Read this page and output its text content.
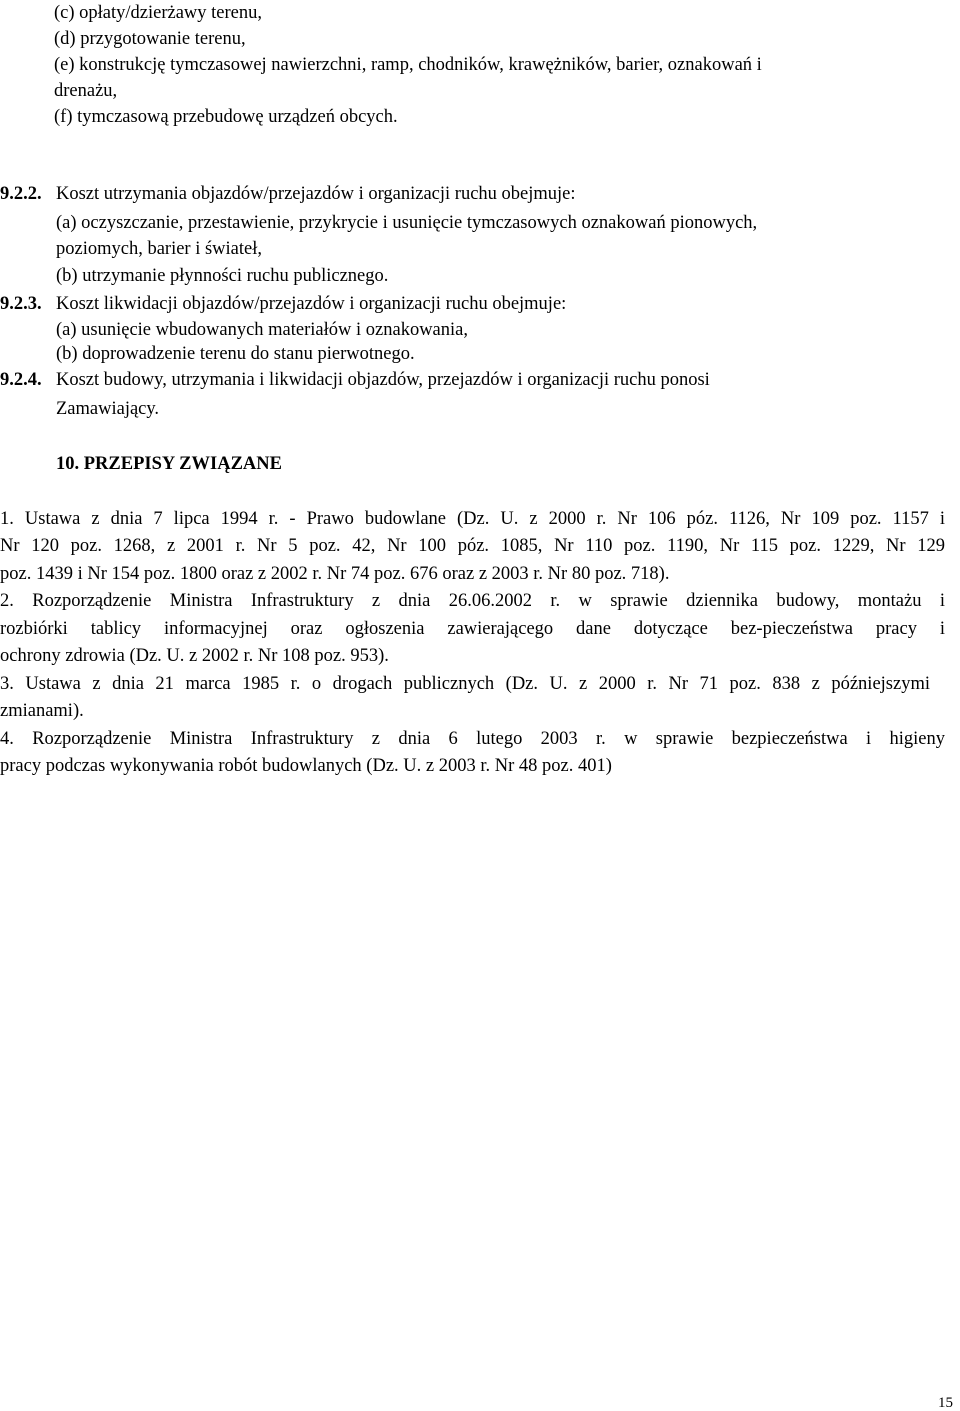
(c) opłaty/dzierżawy terenu,
(d) przygotowanie terenu,
(e) konstrukcję tymczasowej nawierzchni, ramp, chodników, krawężników, barier, oznakowań i
drenażu,
(f) tymczasową przebudowę urządzeń obcych.
9.2.2. Koszt utrzymania objazdów/przejazdów i organizacji ruchu obejmuje:
(a) oczyszczanie, przestawienie, przykrycie i usunięcie tymczasowych oznakowań pionowych,
poziomych, barier i świateł,
(b) utrzymanie płynności ruchu publicznego.
9.2.3. Koszt likwidacji objazdów/przejazdów i organizacji ruchu obejmuje:
(a) usunięcie wbudowanych materiałów i oznakowania,
(b) doprowadzenie terenu do stanu pierwotnego.
9.2.4. Koszt budowy, utrzymania i likwidacji objazdów, przejazdów i organizacji ruchu ponosi
Zamawiający.
10. PRZEPISY ZWIĄZANE
1. Ustawa z dnia 7 lipca 1994 r. - Prawo budowlane (Dz. U. z 2000 r. Nr 106 póz. 1126, Nr 109 poz. 1157 i
Nr 120 poz. 1268, z 2001 r. Nr 5 poz. 42, Nr 100 póz. 1085, Nr 110 poz. 1190, Nr 115 poz. 1229, Nr 129
poz. 1439 i Nr 154 poz. 1800 oraz z 2002 r. Nr 74 poz. 676 oraz z 2003 r. Nr 80 poz. 718).
2. Rozporządzenie Ministra Infrastruktury z dnia 26.06.2002 r. w sprawie dziennika budowy, montażu i
rozbiórki tablicy informacyjnej oraz ogłoszenia zawierającego dane dotyczące bez-pieczeństwa pracy i
ochrony zdrowia (Dz. U. z 2002 r. Nr 108 poz. 953).
3. Ustawa z dnia 21 marca 1985 r. o drogach publicznych (Dz. U. z 2000 r. Nr 71 poz. 838 z późniejszymi
zmianami).
4. Rozporządzenie Ministra Infrastruktury z dnia 6 lutego 2003 r. w sprawie bezpieczeństwa i higieny
pracy podczas wykonywania robót budowlanych (Dz. U. z 2003 r. Nr 48 poz. 401)
15
